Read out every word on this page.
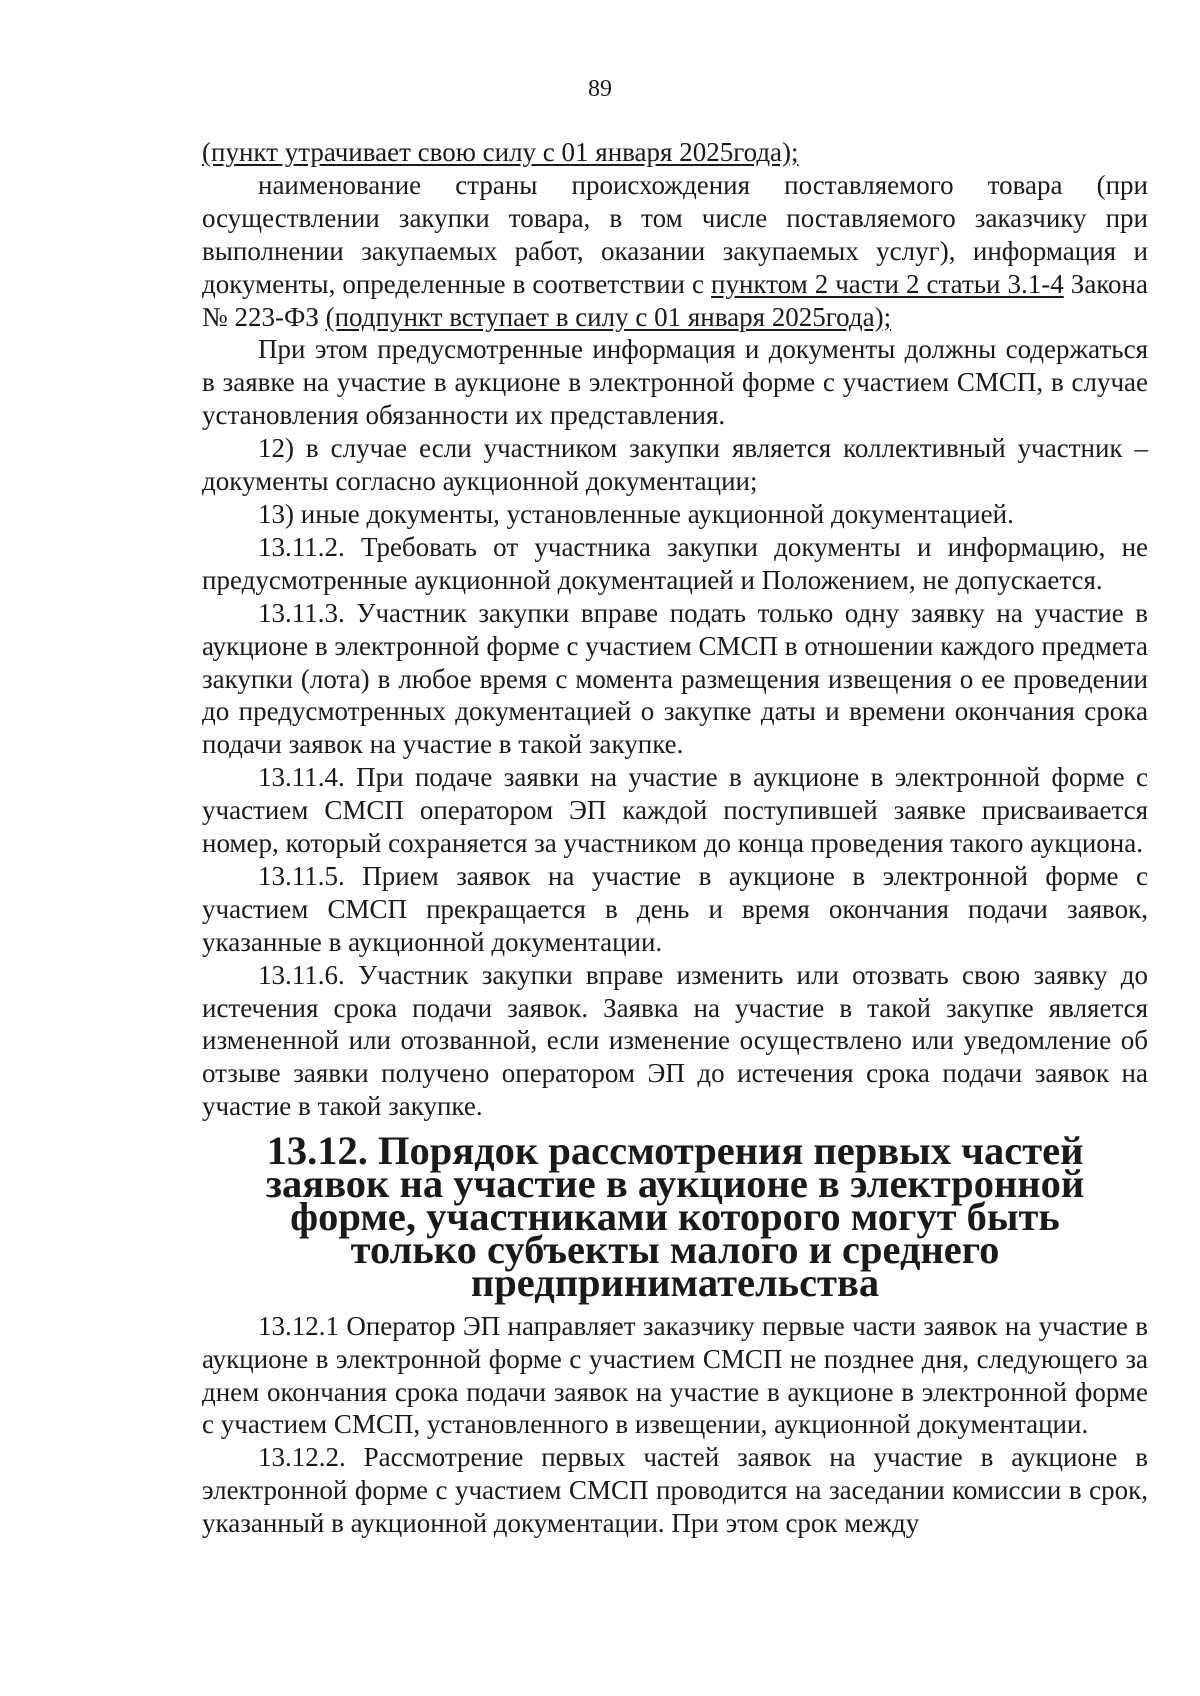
89

(пункт утрачивает свою силу с 01 января 2025года);

наименование страны происхождения поставляемого товара (при осуществлении закупки товара, в том числе поставляемого заказчику при выполнении закупаемых работ, оказании закупаемых услуг), информация и документы, определенные в соответствии с пунктом 2 части 2 статьи 3.1-4 Закона № 223-ФЗ (подпункт вступает в силу с 01 января 2025года);

При этом предусмотренные информация и документы должны содержаться в заявке на участие в аукционе в электронной форме с участием СМСП, в случае установления обязанности их представления.

12) в случае если участником закупки является коллективный участник – документы согласно аукционной документации;

13) иные документы, установленные аукционной документацией.

13.11.2. Требовать от участника закупки документы и информацию, не предусмотренные аукционной документацией и Положением, не допускается.

13.11.3. Участник закупки вправе подать только одну заявку на участие в аукционе в электронной форме с участием СМСП в отношении каждого предмета закупки (лота) в любое время с момента размещения извещения о ее проведении до предусмотренных документацией о закупке даты и времени окончания срока подачи заявок на участие в такой закупке.

13.11.4. При подаче заявки на участие в аукционе в электронной форме с участием СМСП оператором ЭП каждой поступившей заявке присваивается номер, который сохраняется за участником до конца проведения такого аукциона.

13.11.5. Прием заявок на участие в аукционе в электронной форме с участием СМСП прекращается в день и время окончания подачи заявок, указанные в аукционной документации.

13.11.6. Участник закупки вправе изменить или отозвать свою заявку до истечения срока подачи заявок. Заявка на участие в такой закупке является измененной или отозванной, если изменение осуществлено или уведомление об отзыве заявки получено оператором ЭП до истечения срока подачи заявок на участие в такой закупке.

13.12. Порядок рассмотрения первых частей заявок на участие в аукционе в электронной форме, участниками которого могут быть только субъекты малого и среднего предпринимательства

13.12.1 Оператор ЭП направляет заказчику первые части заявок на участие в аукционе в электронной форме с участием СМСП не позднее дня, следующего за днем окончания срока подачи заявок на участие в аукционе в электронной форме с участием СМСП, установленного в извещении, аукционной документации.

13.12.2. Рассмотрение первых частей заявок на участие в аукционе в электронной форме с участием СМСП проводится на заседании комиссии в срок, указанный в аукционной документации. При этом срок между
